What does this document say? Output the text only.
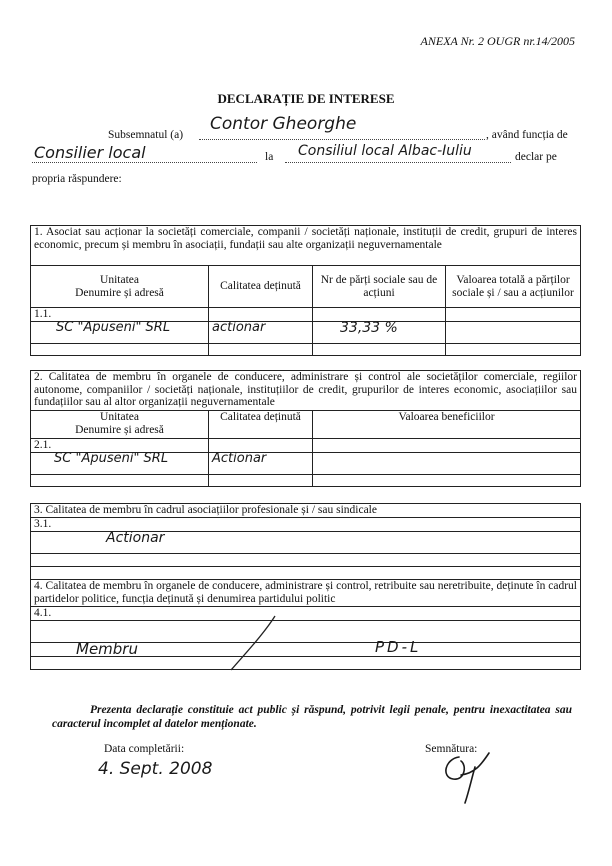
ANEXA Nr. 2 OUGR nr.14/2005
DECLARAȚIE DE INTERESE
Subsemnatul (a)
Contor Gheorghe
, având funcția de
Consilier local	la Consiliul local Albac-Iuliu	declar pe
propria răspundere:
1. Asociat sau acționar la societăți comerciale, companii / societăți naționale, instituții de credit, grupuri de interes economic, precum și membru în asociații, fundații sau alte organizații neguvernamentale			
Unitatea
Denumire și adresă	Calitatea deținută	Nr de părți sociale sau de acțiuni	Valoarea totală a părților sociale și / sau a acțiunilor
1.1.			
SC "Apuseni" SRL	actionar	33,33 %	

2. Calitatea de membru în organele de conducere, administrare și control ale societăților comerciale, regiilor autonome, companiilor / societăți naționale, instituțiilor de credit, grupurilor de interes economic, asociațiilor sau fundațiilor sau al altor organizații neguvernamentale		
Unitatea
Denumire și adresă	Calitatea deținută	Valoarea beneficiilor
2.1.		
SC "Apuseni" SRL	Actionar	

3. Calitatea de membru în cadrul asociațiilor profesionale și / sau sindicale
3.1.
Actionar

4. Calitatea de membru în organele de conducere, administrare și control, retribuite sau neretribuite, deținute în cadrul partidelor politice, funcția deținută și denumirea partidului politic
4.1.

Membru	PD-L
Prezenta declarație constituie act public și răspund, potrivit legii penale, pentru inexactitatea sau caracterul incomplet al datelor menționate.
Data completării:
4. Sept. 2008
Semnătura:
